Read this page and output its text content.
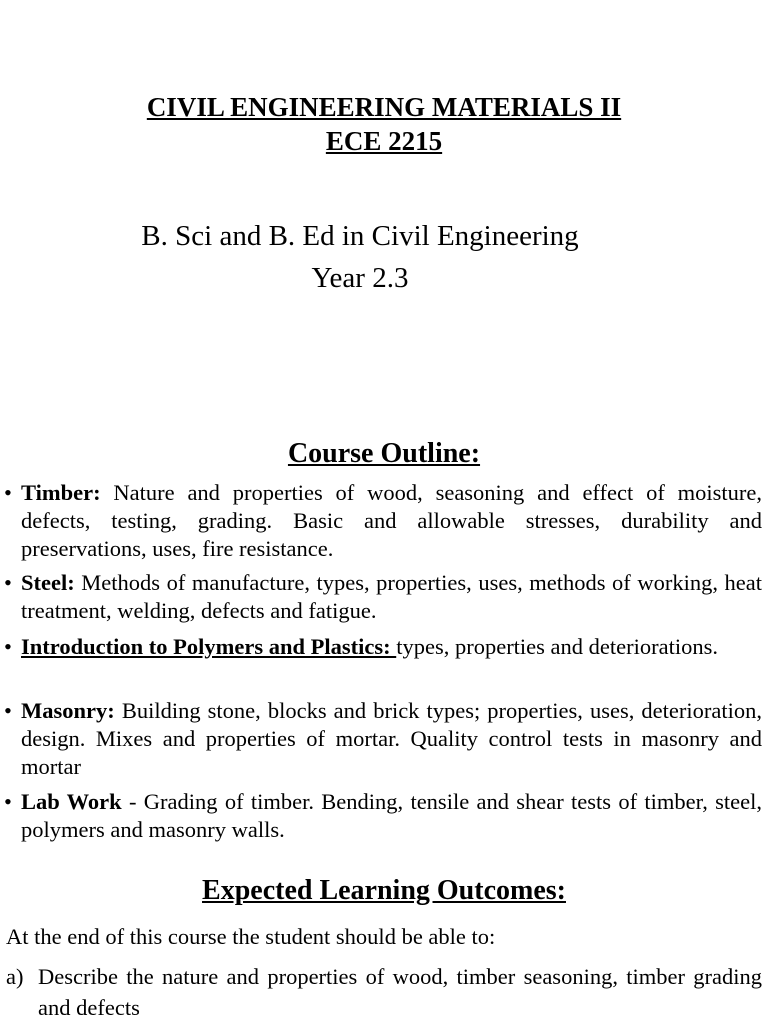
CIVIL ENGINEERING MATERIALS II
ECE 2215

B. Sci and B. Ed in Civil Engineering

Year 2.3

Course Outline:
• Timber: Nature and properties of wood, seasoning and effect of moisture, defects, testing, grading. Basic and allowable stresses, durability and preservations, uses, fire resistance.
• Steel: Methods of manufacture, types, properties, uses, methods of working, heat treatment, welding, defects and fatigue.
• Introduction to Polymers and Plastics: types, properties and deteriorations.
• Masonry: Building stone, blocks and brick types; properties, uses, deterioration, design. Mixes and properties of mortar. Quality control tests in masonry and mortar
• Lab Work - Grading of timber. Bending, tensile and shear tests of timber, steel, polymers and masonry walls.
Expected Learning Outcomes:
At the end of this course the student should be able to:
a) Describe the nature and properties of wood, timber seasoning, timber grading and defects
